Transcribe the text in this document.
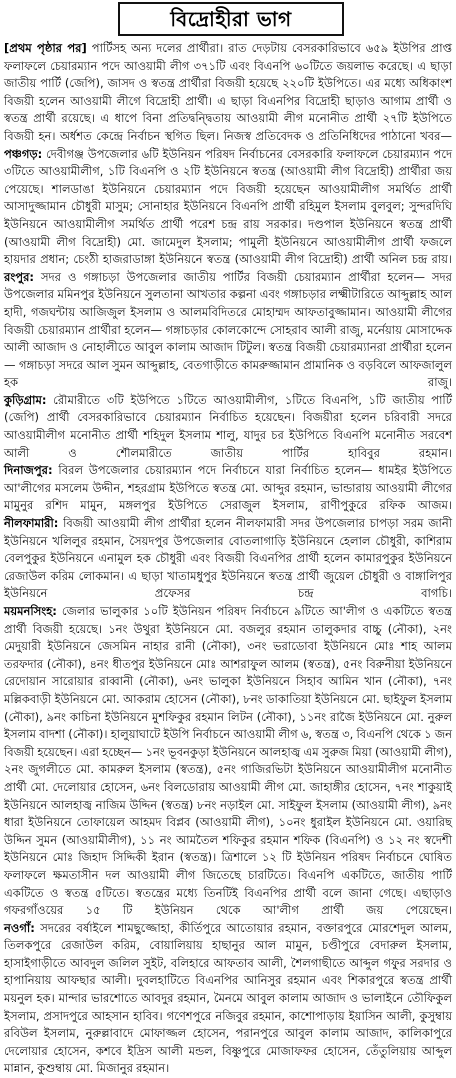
বিদ্রোহীরা ভাগ

[প্রথম পৃষ্ঠার পর] পার্টিসহ অন্য দলের প্রার্থীরা। রাত দেড়টায় বেসরকারিভাবে ৬৫৯ ইউপির প্রাপ্ত ফলাফলে চেয়ারম্যান পদে আওয়ামী লীগ ৩৭১টি এবং বিএনপি ৬০টিতে জয়লাভ করেছে। এ ছাড়া জাতীয় পার্টি (জেপি), জাসদ ও স্বতন্ত্র প্রার্থীরা বিজয়ী হয়েছে ২২০টি ইউপিতে। এর মধ্যে অধিকাংশ বিজয়ী হলেন আওয়ামী লীগে বিদ্রোহী প্রার্থী। এ ছাড়া বিএনপির বিদ্রোহী ছাড়াও আগাম প্রার্থী ও স্বতন্ত্র প্রার্থী রয়েছে। এ ধাপে বিনা প্রতিদ্বন্দ্বিতায় আওয়ামী লীগ মনোনীত প্রার্থী ২৭টি ইউপিতে বিজয়ী হন। অর্ধশত কেন্দ্রে নির্বাচন স্থগিত ছিল। নিজস্ব প্রতিবেদক ও প্রতিনিধিদের পাঠানো খবর—

পঞ্চগড়: দেবীগঞ্জ উপজেলার ৬টি ইউনিয়ন পরিষদ নির্বাচনের বেসরকারি ফলাফলে চেয়ারম্যান পদে ৩টিতে আওয়ামীলীগ, ১টি বিএনপি ও ২টি ইউনিয়নে স্বতন্ত্র (আওয়ামী লীগ বিদ্রোহী) প্রার্থীরা জয় পেয়েছে। শালডাঙা ইউনিয়নে চেয়ারম্যান পদে বিজয়ী হয়েছেন আওয়ামীলীগ সমর্থিত প্রার্থী আসাদুজ্জামান চৌধুরী মাসুম; সোনাহার ইউনিয়নে বিএনপি প্রার্থী রহিমুল ইসলাম বুলবুল; সুন্দরদিঘি ইউনিয়নে আওয়ামীলীগ সমর্থিত প্রার্থী পরেশ চন্দ্র রায় সরকার। দণ্ডপাল ইউনিয়নে স্বতন্ত্র প্রার্থী (আওয়ামী লীগ বিদ্রোহী) মো. জামেদুল ইসলাম; পামুলী ইউনিয়নে আওয়ামীলীগ প্রার্থী ফজলে হায়দার প্রধান; চেংঠী হাজরাডাঙ্গা ইউনিয়নে স্বতন্ত্র (আওয়ামী লীগ বিদ্রোহী) প্রার্থী অনিল চন্দ্র রায়।

রংপুর: সদর ও গঙ্গাচড়া উপজেলার জাতীয় পার্টির বিজয়ী চেয়ারম্যান প্রার্থীরা হলেন— সদর উপজেলার মমিনপুর ইউনিয়নে সুলতানা আখতার কল্পনা এবং গঙ্গাচড়ার লক্ষ্মীটারিতে আব্দুল্লাহ আল হাদী, গজঘন্টায় আজিজুল ইসলাম ও আলমবিদিতরে মোহাম্মদ আফতাবুজ্জামান। আওয়ামী লীগের বিজয়ী চেয়ারম্যান প্রার্থীরা হলেন— গঙ্গাচড়ার কোলকোন্দে সোহরাব আলী রাজু, মর্নেয়ায় মোসাদ্দেক আলী আজাদ ও নোহালীতে আবুল কালাম আজাদ টিটুল। স্বতন্ত্র বিজয়ী চেয়ারম্যানরা প্রার্থীরা হলেন— গঙ্গাচড়া সদরে আল সুমন আব্দুল্লাহ, বেতগাড়ীতে কামরুজ্জামান প্রামানিক ও বড়বিলে আফজালুল হক রাজু।

কুড়িগ্রাম: রৌমারীতে ৩টি ইউপিতে ১টিতে আওয়ামীলীগ, ১টিতে বিএনপি, ১টি জাতীয় পার্টি (জেপি) প্রার্থী বেসরকারিভাবে চেয়ারম্যান নির্বাচিত হয়েছেন। বিজয়ীরা হলেন চরিবারী সদরে আওয়ামীলীগ মনোনীত প্রার্থী শহিদুল ইসলাম শালু, যাদুর চর ইউপিতে বিএনপি মনোনীত সরবেশ আলী ও শৌলমারীতে জাতীয় পার্টির হাবিবুর রহমান।

দিনাজপুর: বিরল উপজেলার চেয়ারম্যান পদে নির্বাচনে যারা নির্বাচিত হলেন— ধামইর ইউপিতে আ'লীগের মসলেম উদ্দীন, শহরগ্রাম ইউপিতে স্বতন্ত্র মো. আব্দুর রহমান, ভান্ডারায় আওয়ামী লীগের মামুনুর রশিদ মামুন, মঙ্গলপুর ইউপিতে সেরাজুল ইসলাম, রাণীপুকুরে রফিক আজম।

নীলফামারী: বিজয়ী আওয়ামী লীগ প্রার্থীরা হলেন নীলফামারী সদর উপজেলার চাপড়া সরম জানী ইউনিয়নে খলিলুর রহমান, সৈয়দপুর উপজেলার বোতলাগাড়ি ইউনিয়নে হেলাল চৌধুরী, কাশিরাম বেলপুকুর ইউনিয়নে এনামুল হক চৌধুরী এবং বিজয়ী বিএনপির প্রার্থী হলেন কামারপুকুর ইউনিয়নে রেজাউল করিম লোকমান। এ ছাড়া খাতামধুপুর ইউনিয়নে স্বতন্ত্র প্রার্থী জুয়েল চৌধুরী ও বাঙ্গালিপুর ইউনিয়নে প্রফেসর চন্দ্র বাগচি।

ময়মনসিংহ: জেলার ভালুকার ১০টি ইউনিয়ন পরিষদ নির্বাচনে ৯টিতে আ'লীগ ও একটিতে স্বতন্ত্র প্রার্থী বিজয়ী হয়েছে। ১নং উথুরা ইউনিয়নে মো. বজলুর রহমান তালুকদার বাচ্চু (নৌকা), ২নং মেদুয়ারী ইউনিয়নে জেসমিন নাহার রানী (নৌকা), ৩নং ভরাডোবা ইউনিয়নে মোঃ শাহ আলম তরফদার (নৌকা), ৪নং ধীতপুর ইউনিয়নে মোঃ আশরাফুল আলম (স্বতন্ত্র), ৫নং বিরুনীয়া ইউনিয়নে রেদোয়ান সারোয়ার রাব্বানী (নৌকা), ৬নং ভালুকা ইউনিয়নে সিহাব আমিন খান (নৌকা), ৭নং মল্লিকবাড়ী ইউনিয়নে মো. আকরাম হোসেন (নৌকা), ৮নং ডাকাতিয়া ইউনিয়নে মো. ছাইফুল ইসলাম (নৌকা), ৯নং কাচিনা ইউনিয়নে মুশফিকুর রহমান লিটন (নৌকা), ১১নং রাজৈ ইউনিয়নে মো. নুরুল ইসলাম বাদশা (নৌকা)। হালুয়াঘাটে ইউপি নির্বাচনে আওয়ামী লীগ ৬, স্বতন্ত্র ৩, বিএনপি থেকে ১ জন বিজয়ী হয়েছেন। এরা হচ্ছেন— ১নং ভূবনকুড়া ইউনিয়নে আলহাজ্ব এম সুরুজ মিয়া (আওয়ামী লীগ), ২নং জুগলীতে মো. কামরুল ইসলাম (স্বতন্ত্র), ৫নং গাজিরভিটা ইউনিয়নে আওয়ামীলীগ মনোনীত প্রার্থী মো. দেলোয়ার হোসেন, ৬নং বিলডোরায় আওয়ামী লীগ মো. জাহাঙ্গীর হোসেন, ৭নং শাকুয়াই ইউনিয়নে আলহাজ্ব নাজিম উদ্দিন (স্বতন্ত্র) ৮নং নড়াইল মো. সাইফুল ইসলাম (আওয়ামী লীগ), ৯নং ধারা ইউনিয়নে তোফায়েল আহমদ বিপ্লব (আওয়ামী লীগ), ১০নং ধুরাইল ইউনিয়নে মো. ওয়ারিছ উদ্দিন সুমন (আওয়ামীলীগ), ১১ নং আমতৈল শফিকুর রহমান শফিক (বিএনপি) ও ১২ নং স্বদেশী ইউনিয়নে মোঃ জিহাদ সিদ্দিকী ইরান (স্বতন্ত্র)। ত্রিশালে ১২ টি ইউনিয়ন পরিষদ নির্বাচনে ঘোষিত ফলাফলে ক্ষমতাসীন দল আওয়ামী লীগ জিতেছে চারটিতে। বিএনপি একটিতে, জাতীয় পার্টি একটিতে ও স্বতন্ত্র ৫টিতে। স্বতন্ত্রের মধ্যে তিনটিই বিএনপির প্রার্থী বলে জানা গেছে। এছাড়াও গফরগাঁওয়ের ১৫ টি ইউনিয়ন থেকে আ'লীগ প্রার্থী জয় পেয়েছেন।

নওগাঁ: সদরের বর্ষাইলে শামছুজ্জোহা, কীর্তিপুরে আতোয়ার রহমান, বক্তারপুরে মোরশেদুল আলম, তিলকপুরে রেজাউল করিম, বোয়ালিয়ায় হাছানুর আল মামুন, চণ্ডীপুরে বেদারুল ইসলাম, হাসাইগাড়ীতে আবদুল জলিল সুইট, বলিহারে আফতাব আলী, শৈলগাছীতে আব্দুল গফুর সরদার ও হাপানিয়ায় আফছার আলী। দুবলহাটিতে বিএনপির আনিসুর রহমান এবং শিকারপুরে স্বতন্ত্র প্রার্থী ময়নুল হক। মান্দার ভারশোতে আবদুর রহমান, মৈনমে আবুল কালাম আজাদ ও ভালাইনে তৌফিকুল ইসলাম, প্রসাদপুরে আহসান হাবিব। গণেশপুরে নজিবুর রহমান, কাশোপাড়ায় ইয়াসিন আলী, কুসুম্বায় রবিউল ইসলাম, নুরুল্লাবাদে মোফাজ্জল হোসেন, পরানপুরে আবুল কালাম আজাদ, কালিকাপুরে দেলোয়ার হোসেন, কশবে ইদ্রিস আলী মন্ডল, বিষ্ণুপুরে মোজাফফর হোসেন, তেঁতুলিয়ায় আব্দুল মান্নান, কুশুম্বায় মো. মিজানুর রহমান।
